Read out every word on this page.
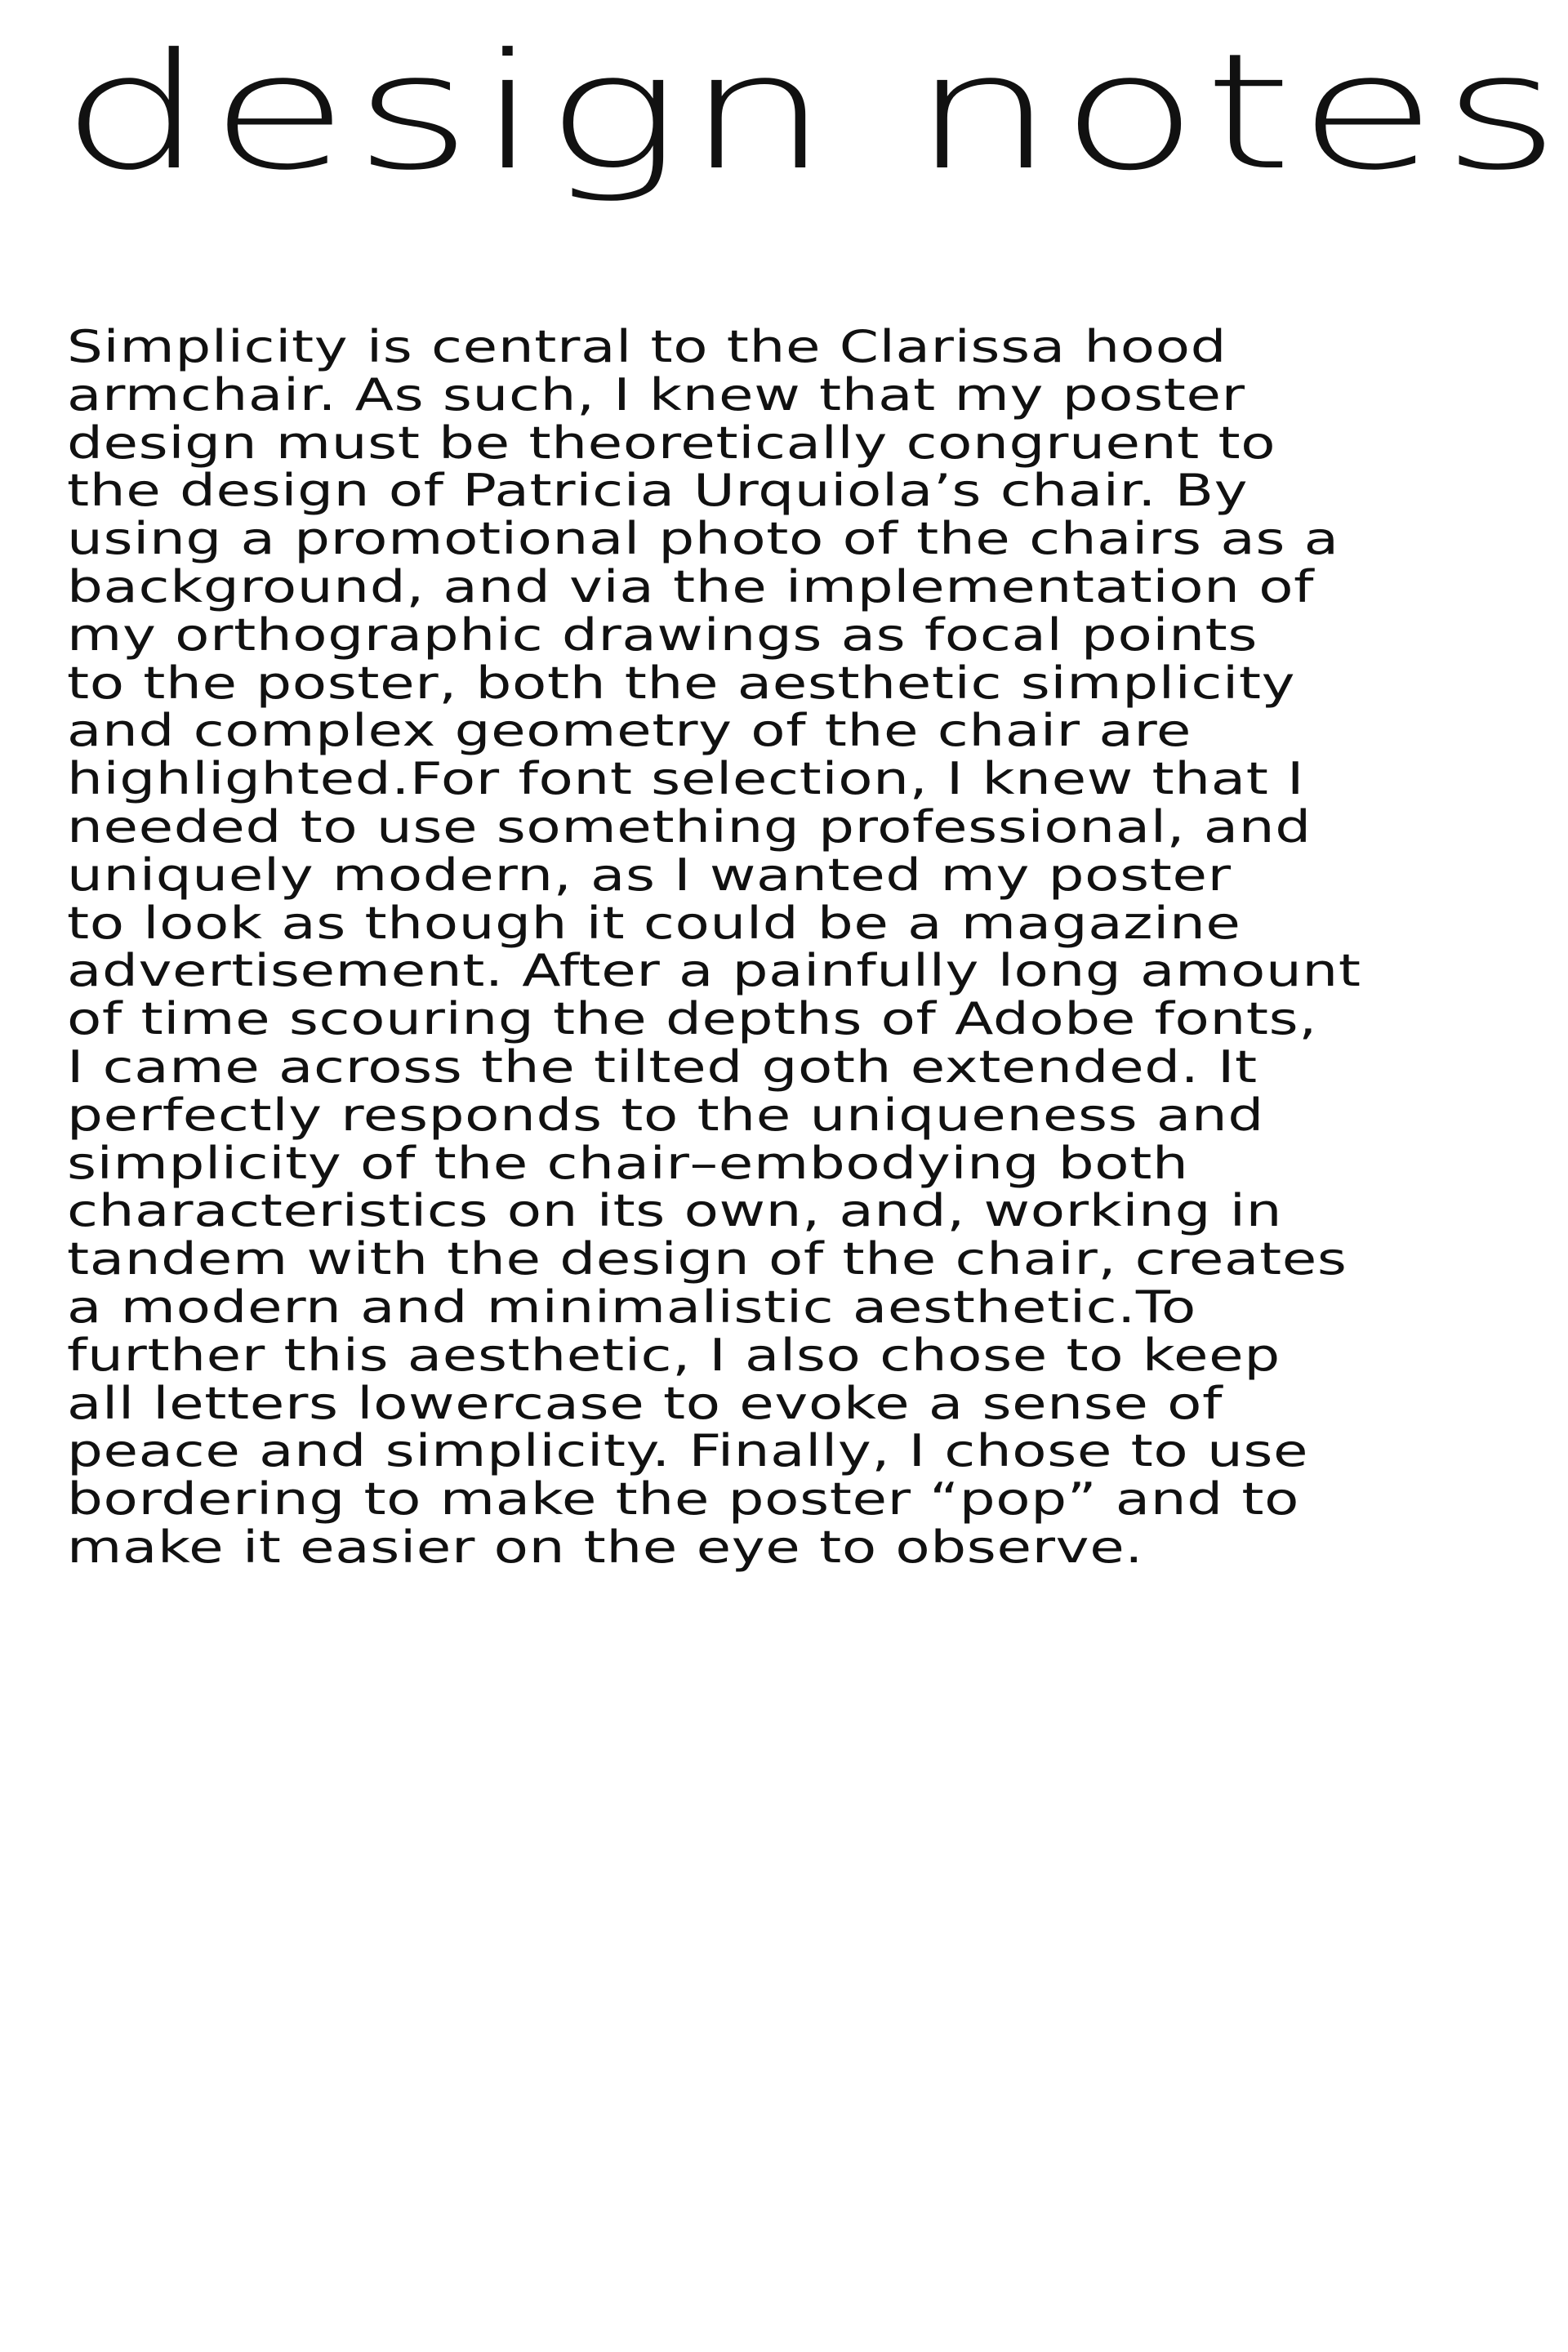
design notes
Simplicity is central to the Clarissa hood
armchair. As such, I knew that my poster
design must be theoretically congruent to
the design of Patricia Urquiola’s chair. By
using a promotional photo of the chairs as a
background, and via the implementation of
my orthographic drawings as focal points
to the poster, both the aesthetic simplicity
and complex geometry of the chair are
highlighted.For font selection, I knew that I
needed to use something professional, and
uniquely modern, as I wanted my poster
to look as though it could be a magazine
advertisement. After a painfully long amount
of time scouring the depths of Adobe fonts,
I came across the tilted goth extended. It
perfectly responds to the uniqueness and
simplicity of the chair–embodying both
characteristics on its own, and, working in
tandem with the design of the chair, creates
a modern and minimalistic aesthetic.To
further this aesthetic, I also chose to keep
all letters lowercase to evoke a sense of
peace and simplicity. Finally, I chose to use
bordering to make the poster “pop” and to
make it easier on the eye to observe.
